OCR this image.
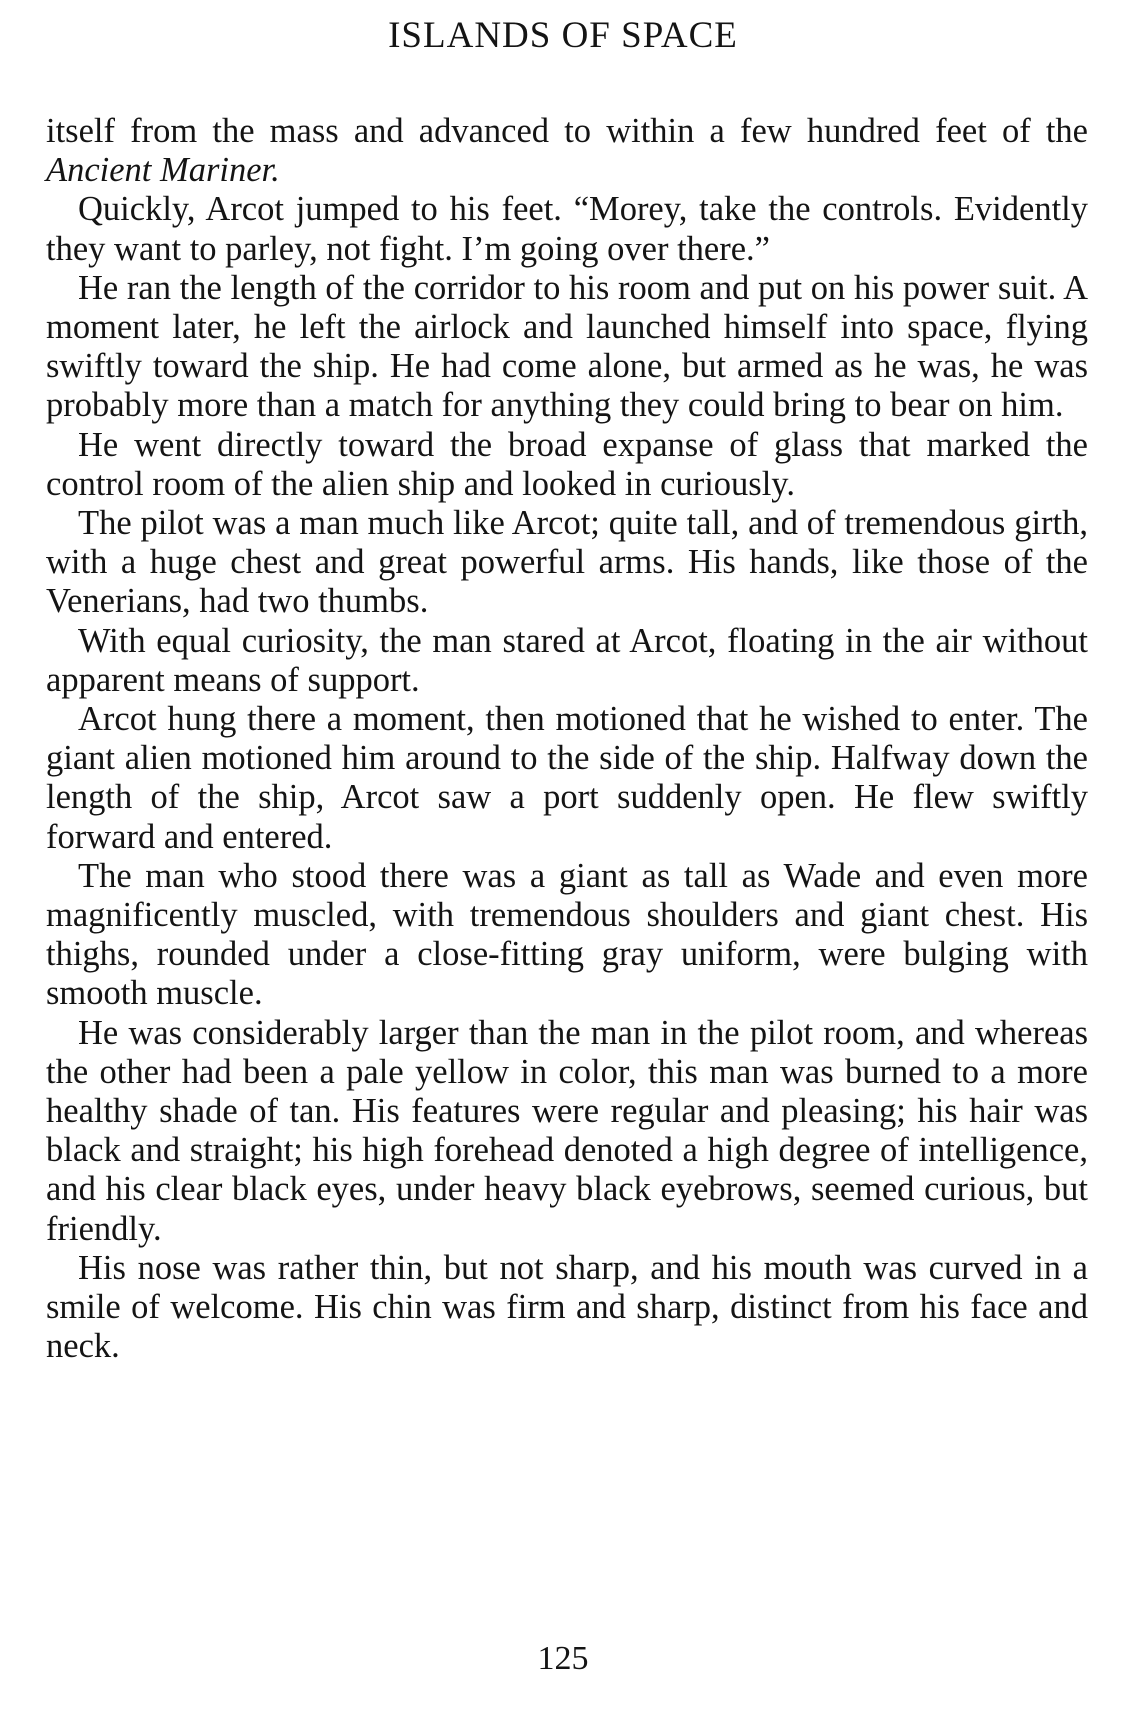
ISLANDS OF SPACE

itself from the mass and advanced to within a few hundred feet of the Ancient Mariner.

Quickly, Arcot jumped to his feet. “Morey, take the controls. Evidently they want to parley, not fight. I’m going over there.”

He ran the length of the corridor to his room and put on his power suit. A moment later, he left the airlock and launched himself into space, flying swiftly toward the ship. He had come alone, but armed as he was, he was probably more than a match for anything they could bring to bear on him.

He went directly toward the broad expanse of glass that marked the control room of the alien ship and looked in curiously.

The pilot was a man much like Arcot; quite tall, and of tremendous girth, with a huge chest and great powerful arms. His hands, like those of the Venerians, had two thumbs.

With equal curiosity, the man stared at Arcot, floating in the air without apparent means of support.

Arcot hung there a moment, then motioned that he wished to enter. The giant alien motioned him around to the side of the ship. Halfway down the length of the ship, Arcot saw a port suddenly open. He flew swiftly forward and entered.

The man who stood there was a giant as tall as Wade and even more magnificently muscled, with tremendous shoulders and giant chest. His thighs, rounded under a close-fitting gray uniform, were bulging with smooth muscle.

He was considerably larger than the man in the pilot room, and whereas the other had been a pale yellow in color, this man was burned to a more healthy shade of tan. His features were regular and pleasing; his hair was black and straight; his high forehead denoted a high degree of intelligence, and his clear black eyes, under heavy black eyebrows, seemed curious, but friendly.

His nose was rather thin, but not sharp, and his mouth was curved in a smile of welcome. His chin was firm and sharp, distinct from his face and neck.

125
